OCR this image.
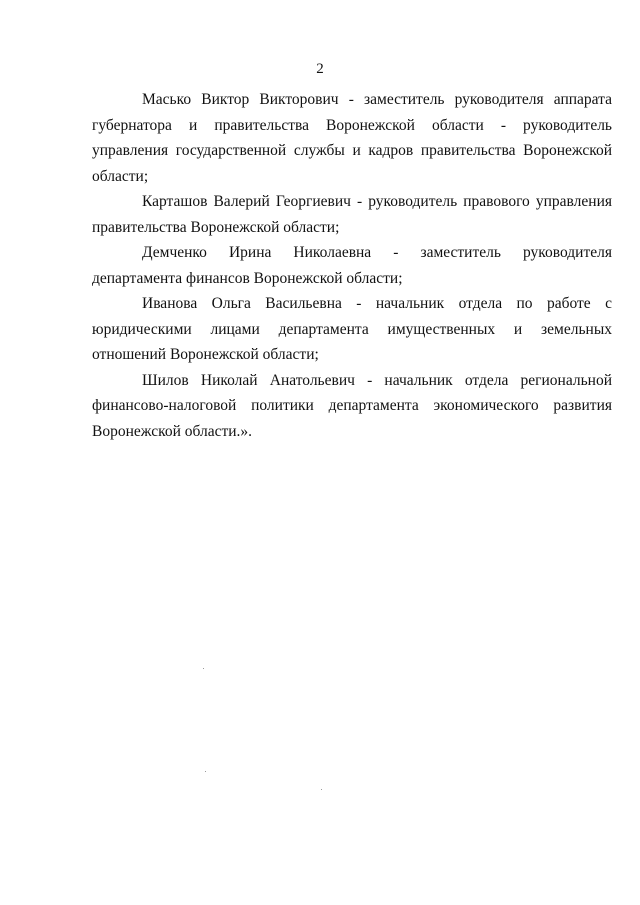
2

Масько Виктор Викторович - заместитель руководителя аппарата губернатора и правительства Воронежской области - руководитель управления государственной службы и кадров правительства Воронежской области;

Карташов Валерий Георгиевич - руководитель правового управления правительства Воронежской области;

Демченко Ирина Николаевна - заместитель руководителя департамента финансов Воронежской области;

Иванова Ольга Васильевна - начальник отдела по работе с юридическими лицами департамента имущественных и земельных отношений Воронежской области;

Шилов Николай Анатольевич - начальник отдела региональной финансово-налоговой политики департамента экономического развития Воронежской области.».
